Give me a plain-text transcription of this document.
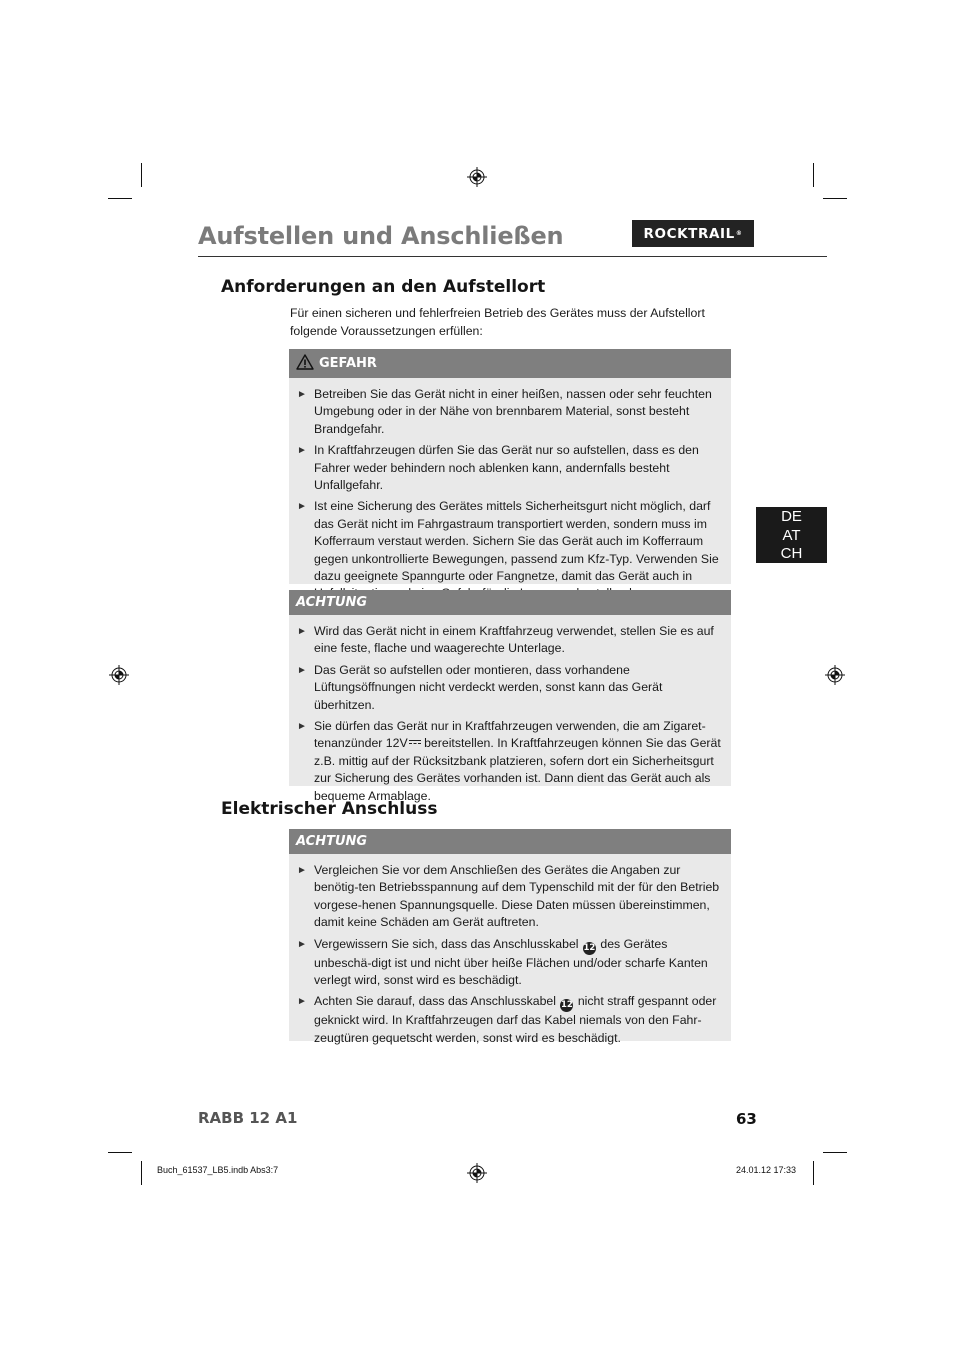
Aufstellen und Anschließen	ROCKTRAIL ®
DE
AT
CH
Anforderungen an den Aufstellort

Für einen sicheren und fehlerfreien Betrieb des Gerätes muss der Aufstellort folgende Voraussetzungen erfüllen:

GEFAHR
► Betreiben Sie das Gerät nicht in einer heißen, nassen oder sehr feuchten Umgebung oder in der Nähe von brennbarem Material, sonst besteht Brandgefahr.
► In Kraftfahrzeugen dürfen Sie das Gerät nur so aufstellen, dass es den Fahrer weder behindern noch ablenken kann, andernfalls besteht Unfallgefahr.
► Ist eine Sicherung des Gerätes mittels Sicherheitsgurt nicht möglich, darf das Gerät nicht im Fahrgastraum transportiert werden, sondern muss im Kofferraum verstaut werden. Sichern Sie das Gerät auch im Kofferraum gegen unkontrollierte Bewegungen, passend zum Kfz-Typ. Verwenden Sie dazu geeignete Spanngurte oder Fangnetze, damit das Gerät auch in
ACHTUNG
► Wird das Gerät nicht in einem Kraftfahrzeug verwendet, stellen Sie es auf eine feste, flache und waagerechte Unterlage.
► Das Gerät so aufstellen oder montieren, dass vorhandene Lüftungsöffnungen nicht verdeckt werden, sonst kann das Gerät überhitzen.
► Sie dürfen das Gerät nur in Kraftfahrzeugen verwenden, die am Zigaret-tenanzünder 12V bereitstellen. In Kraftfahrzeugen können Sie das Gerät z.B. mittig auf der Rücksitzbank platzieren, sofern dort ein Sicherheitsgurt zur Sicherung des Gerätes vorhanden ist. Dann dient das Gerät auch als bequeme Armablage.
Elektrischer Anschluss
ACHTUNG
► Vergleichen Sie vor dem Anschließen des Gerätes die Angaben zur benötig-ten Betriebsspannung auf dem Typenschild mit der für den Betrieb vorgese-henen Spannungsquelle. Diese Daten müssen übereinstimmen, damit keine Schäden am Gerät auftreten.
► Vergewissern Sie sich, dass das Anschlusskabel 12 des Gerätes unbeschä-digt ist und nicht über heiße Flächen und/oder scharfe Kanten verlegt wird, sonst wird es beschädigt.
► Achten Sie darauf, dass das Anschlusskabel 12 nicht straff gespannt oder geknickt wird. In Kraftfahrzeugen darf das Kabel niemals von den Fahr-zeugtüren gequetscht werden, sonst wird es beschädigt.
RABB 12 A1	63
Buch_61537_LB5.indb Abs3:7	24.01.12 17:33
